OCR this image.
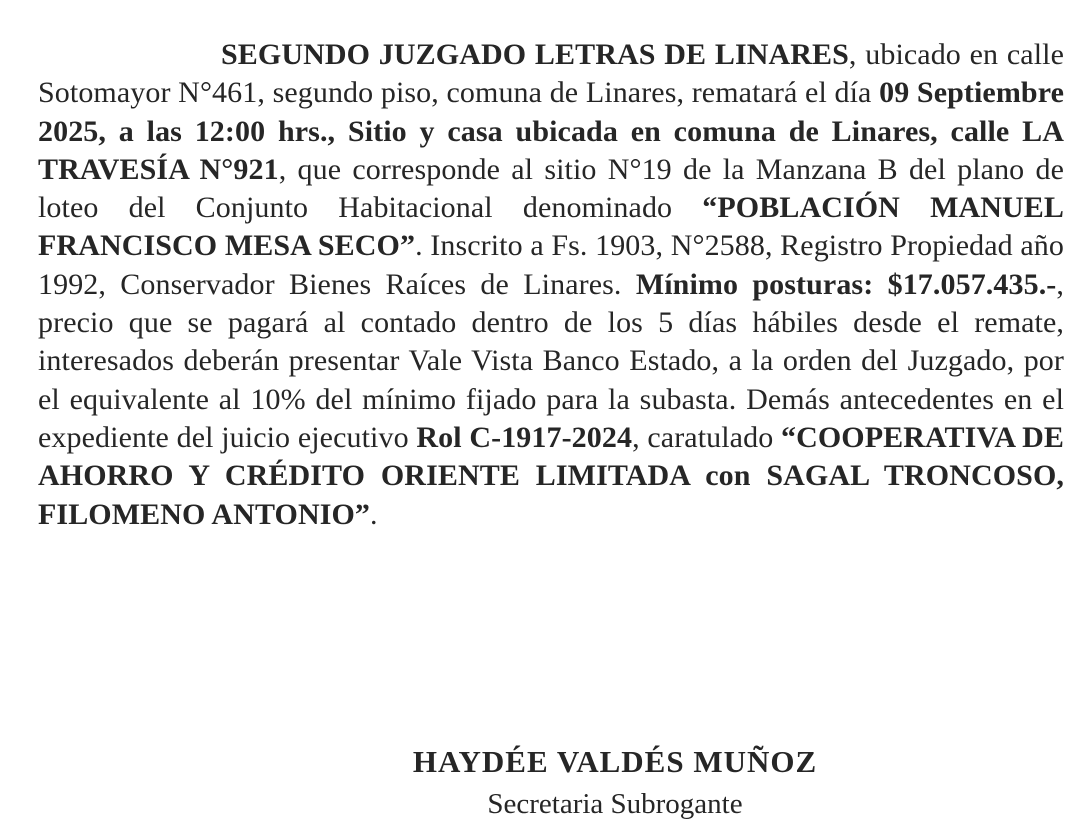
SEGUNDO JUZGADO LETRAS DE LINARES, ubicado en calle Sotomayor N°461, segundo piso, comuna de Linares, rematará el día 09 Septiembre 2025, a las 12:00 hrs., Sitio y casa ubicada en comuna de Linares, calle LA TRAVESÍA N°921, que corresponde al sitio N°19 de la Manzana B del plano de loteo del Conjunto Habitacional denominado “POBLACIÓN MANUEL FRANCISCO MESA SECO”. Inscrito a Fs. 1903, N°2588, Registro Propiedad año 1992, Conservador Bienes Raíces de Linares. Mínimo posturas: $17.057.435.-, precio que se pagará al contado dentro de los 5 días hábiles desde el remate, interesados deberán presentar Vale Vista Banco Estado, a la orden del Juzgado, por el equivalente al 10% del mínimo fijado para la subasta. Demás antecedentes en el expediente del juicio ejecutivo Rol C-1917-2024, caratulado “COOPERATIVA DE AHORRO Y CRÉDITO ORIENTE LIMITADA con SAGAL TRONCOSO, FILOMENO ANTONIO”.

HAYDÉE VALDÉS MUÑOZ
Secretaria Subrogante
